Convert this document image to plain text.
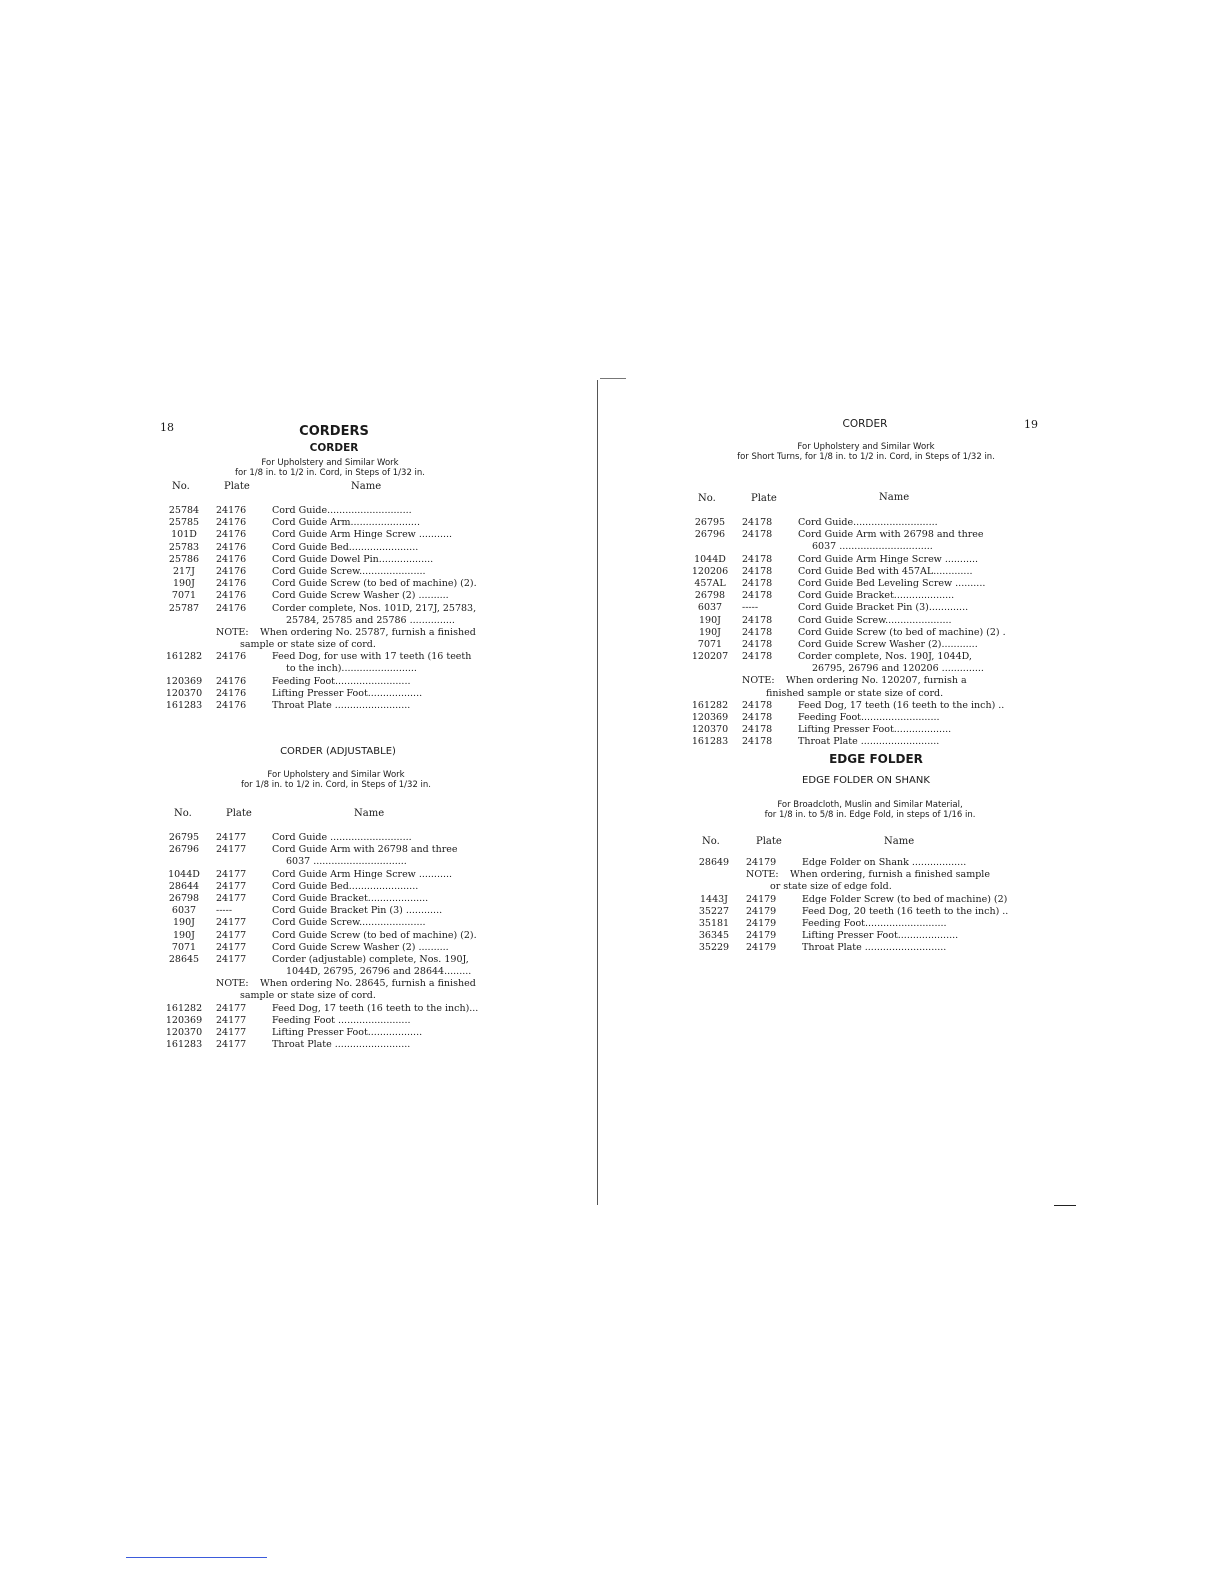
18	CORDERS
CORDER
For Upholstery and Similar Work
for 1/8 in. to 1/2 in. Cord, in Steps of 1/32 in.
No.	Plate	Name
25784	24176	Cord Guide............................
25785	24176	Cord Guide Arm.......................
101D	24176	Cord Guide Arm Hinge Screw ...........
25783	24176	Cord Guide Bed.......................
25786	24176	Cord Guide Dowel Pin..................
217J	24176	Cord Guide Screw......................
190J	24176	Cord Guide Screw (to bed of machine) (2).
7071	24176	Cord Guide Screw Washer (2) ..........
25787	24176	Corder complete, Nos. 101D, 217J, 25783,
25784, 25785 and 25786 ...............
NOTE: When ordering No. 25787, furnish a finished
sample or state size of cord.
161282	24176	Feed Dog, for use with 17 teeth (16 teeth
to the inch).........................
120369	24176	Feeding Foot.........................
120370	24176	Lifting Presser Foot..................
161283	24176	Throat Plate .........................
CORDER (ADJUSTABLE)
For Upholstery and Similar Work
for 1/8 in. to 1/2 in. Cord, in Steps of 1/32 in.
No.	Plate	Name
26795	24177	Cord Guide ...........................
26796	24177	Cord Guide Arm with 26798 and three
6037 ...............................
1044D	24177	Cord Guide Arm Hinge Screw ...........
28644	24177	Cord Guide Bed.......................
26798	24177	Cord Guide Bracket....................
6037	-----	Cord Guide Bracket Pin (3) ............
190J	24177	Cord Guide Screw......................
190J	24177	Cord Guide Screw (to bed of machine) (2).
7071	24177	Cord Guide Screw Washer (2) ..........
28645	24177	Corder (adjustable) complete, Nos. 190J,
1044D, 26795, 26796 and 28644.........
NOTE: When ordering No. 28645, furnish a finished
sample or state size of cord.
161282	24177	Feed Dog, 17 teeth (16 teeth to the inch)...
120369	24177	Feeding Foot ........................
120370	24177	Lifting Presser Foot..................
161283	24177	Throat Plate .........................
19
CORDER
For Upholstery and Similar Work
for Short Turns, for 1/8 in. to 1/2 in. Cord, in Steps of 1/32 in.
No.	Plate	Name
26795	24178	Cord Guide............................
26796	24178	Cord Guide Arm with 26798 and three
6037 ...............................
1044D	24178	Cord Guide Arm Hinge Screw ...........
120206	24178	Cord Guide Bed with 457AL.............
457AL	24178	Cord Guide Bed Leveling Screw ..........
26798	24178	Cord Guide Bracket....................
6037	-----	Cord Guide Bracket Pin (3).............
190J	24178	Cord Guide Screw......................
190J	24178	Cord Guide Screw (to bed of machine) (2) .
7071	24178	Cord Guide Screw Washer (2)............
120207	24178	Corder complete, Nos. 190J, 1044D,
26795, 26796 and 120206 ..............
NOTE: When ordering No. 120207, furnish a
finished sample or state size of cord.
161282	24178	Feed Dog, 17 teeth (16 teeth to the inch) ..
120369	24178	Feeding Foot..........................
120370	24178	Lifting Presser Foot...................
161283	24178	Throat Plate ..........................
EDGE FOLDER
EDGE FOLDER ON SHANK
For Broadcloth, Muslin and Similar Material,
for 1/8 in. to 5/8 in. Edge Fold, in steps of 1/16 in.
No.	Plate	Name
28649	24179	Edge Folder on Shank ..................
NOTE: When ordering, furnish a finished sample
or state size of edge fold.
1443J	24179	Edge Folder Screw (to bed of machine) (2)
35227	24179	Feed Dog, 20 teeth (16 teeth to the inch) ..
35181	24179	Feeding Foot...........................
36345	24179	Lifting Presser Foot....................
35229	24179	Throat Plate ...........................
